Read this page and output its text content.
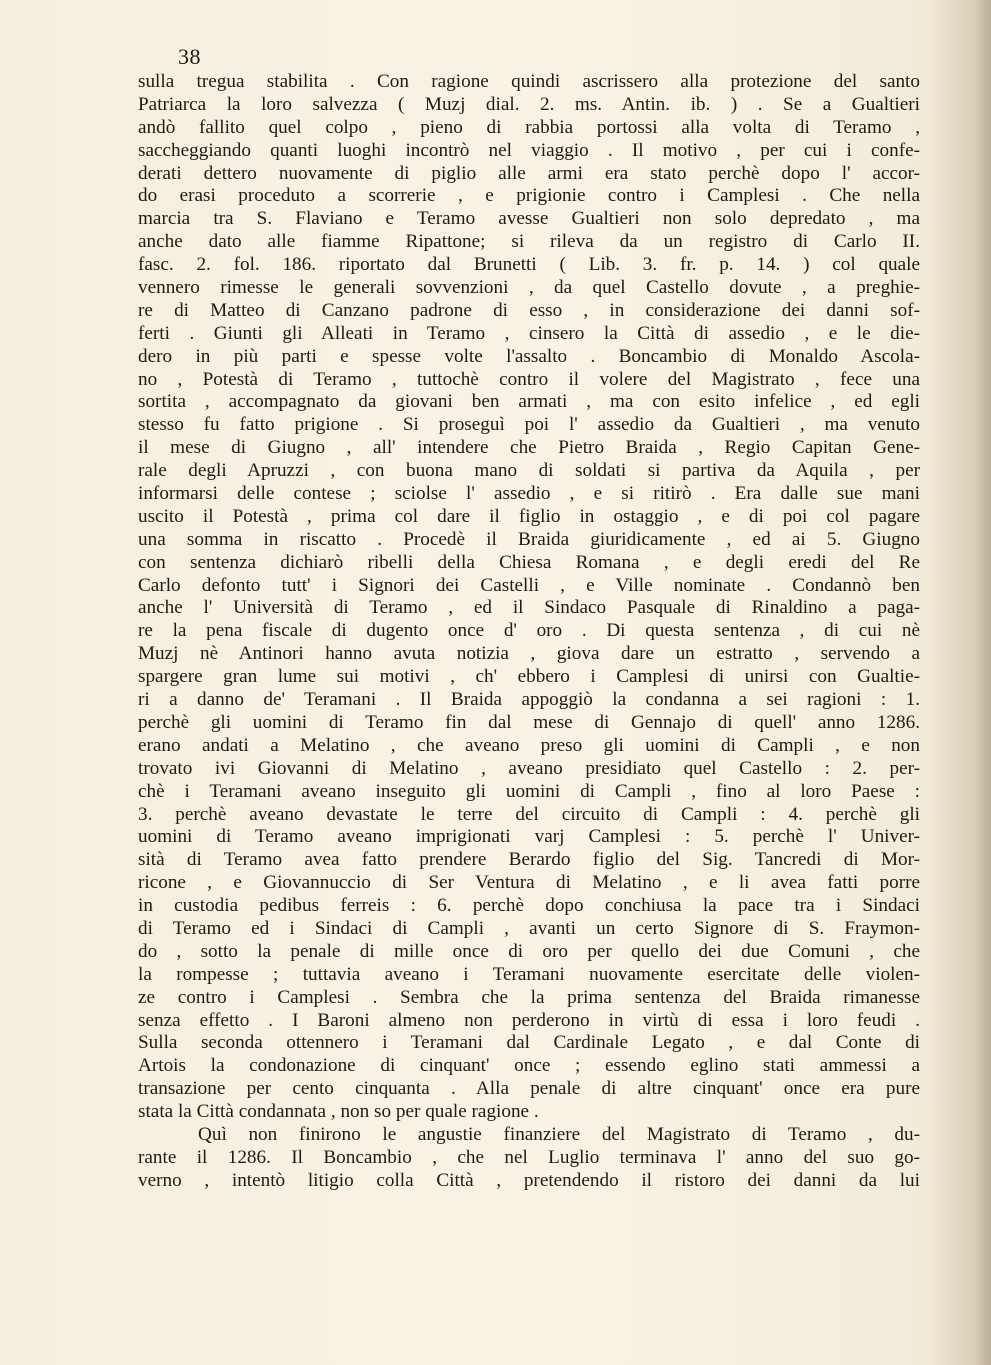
38
sulla tregua stabilita . Con ragione quindi ascrissero alla protezione del santo
Patriarca la loro salvezza ( Muzj dial. 2. ms. Antin. ib. ) . Se a Gualtieri
andò fallito quel colpo , pieno di rabbia portossi alla volta di Teramo ,
saccheggiando quanti luoghi incontrò nel viaggio . Il motivo , per cui i confe-
derati dettero nuovamente di piglio alle armi era stato perchè dopo l' accor-
do erasi proceduto a scorrerie , e prigionie contro i Camplesi . Che nella
marcia tra S. Flaviano e Teramo avesse Gualtieri non solo depredato , ma
anche dato alle fiamme Ripattone; si rileva da un registro di Carlo II.
fasc. 2. fol. 186. riportato dal Brunetti ( Lib. 3. fr. p. 14. ) col quale
vennero rimesse le generali sovvenzioni , da quel Castello dovute , a preghie-
re di Matteo di Canzano padrone di esso , in considerazione dei danni sof-
ferti . Giunti gli Alleati in Teramo , cinsero la Città di assedio , e le die-
dero in più parti e spesse volte l'assalto . Boncambio di Monaldo Ascola-
no , Potestà di Teramo , tuttochè contro il volere del Magistrato , fece una
sortita , accompagnato da giovani ben armati , ma con esito infelice , ed egli
stesso fu fatto prigione . Si proseguì poi l' assedio da Gualtieri , ma venuto
il mese di Giugno , all' intendere che Pietro Braida , Regio Capitan Gene-
rale degli Apruzzi , con buona mano di soldati si partiva da Aquila , per
informarsi delle contese ; sciolse l' assedio , e si ritirò . Era dalle sue mani
uscito il Potestà , prima col dare il figlio in ostaggio , e di poi col pagare
una somma in riscatto . Procedè il Braida giuridicamente , ed ai 5. Giugno
con sentenza dichiarò ribelli della Chiesa Romana , e degli eredi del Re
Carlo defonto tutt' i Signori dei Castelli , e Ville nominate . Condannò ben
anche l' Università di Teramo , ed il Sindaco Pasquale di Rinaldino a paga-
re la pena fiscale di dugento once d' oro . Di questa sentenza , di cui nè
Muzj nè Antinori hanno avuta notizia , giova dare un estratto , servendo a
spargere gran lume sui motivi , ch' ebbero i Camplesi di unirsi con Gualtie-
ri a danno de' Teramani . Il Braida appoggiò la condanna a sei ragioni : 1.
perchè gli uomini di Teramo fin dal mese di Gennajo di quell' anno 1286.
erano andati a Melatino , che aveano preso gli uomini di Campli , e non
trovato ivi Giovanni di Melatino , aveano presidiato quel Castello : 2. per-
chè i Teramani aveano inseguito gli uomini di Campli , fino al loro Paese :
3. perchè aveano devastate le terre del circuito di Campli : 4. perchè gli
uomini di Teramo aveano imprigionati varj Camplesi : 5. perchè l' Univer-
sità di Teramo avea fatto prendere Berardo figlio del Sig. Tancredi di Mor-
ricone , e Giovannuccio di Ser Ventura di Melatino , e li avea fatti porre
in custodia pedibus ferreis : 6. perchè dopo conchiusa la pace tra i Sindaci
di Teramo ed i Sindaci di Campli , avanti un certo Signore di S. Fraymon-
do , sotto la penale di mille once di oro per quello dei due Comuni , che
la rompesse ; tuttavia aveano i Teramani nuovamente esercitate delle violen-
ze contro i Camplesi . Sembra che la prima sentenza del Braida rimanesse
senza effetto . I Baroni almeno non perderono in virtù di essa i loro feudi .
Sulla seconda ottennero i Teramani dal Cardinale Legato , e dal Conte di
Artois la condonazione di cinquant' once ; essendo eglino stati ammessi a
transazione per cento cinquanta . Alla penale di altre cinquant' once era pure
stata la Città condannata , non so per quale ragione .
Quì non finirono le angustie finanziere del Magistrato di Teramo , du-
rante il 1286. Il Boncambio , che nel Luglio terminava l' anno del suo go-
verno , intentò litigio colla Città , pretendendo il ristoro dei danni da lui
